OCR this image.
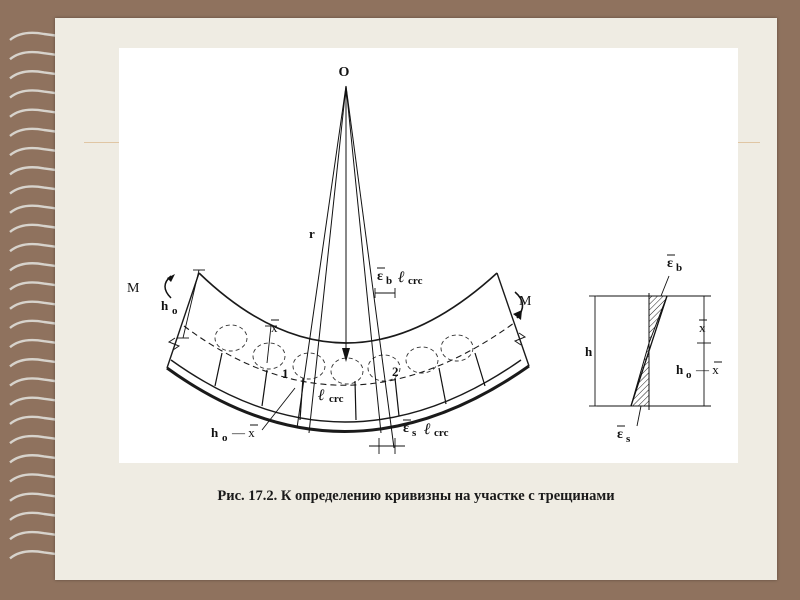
O
r
M
M
h o
x
1	2
ℓ crc
ε b ℓ crc
ε s ℓ crc
h o — x
ε b
x
h
h o — x
ε s
Рис. 17.2. К определению кривизны на участке с трещинами
